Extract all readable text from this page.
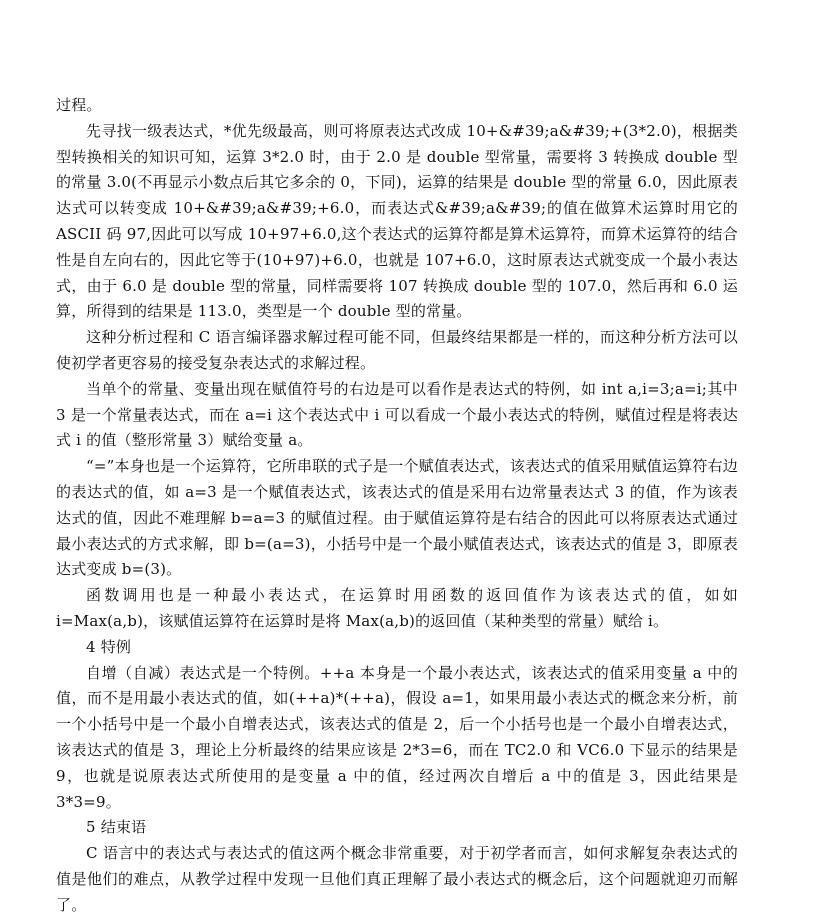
过程。

先寻找一级表达式，*优先级最高，则可将原表达式改成 10+&#39;a&#39;+(3*2.0)，根据类型转换相关的知识可知，运算 3*2.0 时，由于 2.0 是 double 型常量，需要将 3 转换成 double 型的常量 3.0(不再显示小数点后其它多余的 0，下同)，运算的结果是 double 型的常量 6.0，因此原表达式可以转变成 10+&#39;a&#39;+6.0，而表达式&#39;a&#39;的值在做算术运算时用它的 ASCII 码 97,因此可以写成 10+97+6.0,这个表达式的运算符都是算术运算符，而算术运算符的结合性是自左向右的，因此它等于(10+97)+6.0，也就是 107+6.0，这时原表达式就变成一个最小表达式，由于 6.0 是 double 型的常量，同样需要将 107 转换成 double 型的 107.0，然后再和 6.0 运算，所得到的结果是 113.0，类型是一个 double 型的常量。

这种分析过程和 C 语言编译器求解过程可能不同，但最终结果都是一样的，而这种分析方法可以使初学者更容易的接受复杂表达式的求解过程。

当单个的常量、变量出现在赋值符号的右边是可以看作是表达式的特例，如 int a,i=3;a=i;其中 3 是一个常量表达式，而在 a=i 这个表达式中 i 可以看成一个最小表达式的特例，赋值过程是将表达式 i 的值（整形常量 3）赋给变量 a。

“=”本身也是一个运算符，它所串联的式子是一个赋值表达式，该表达式的值采用赋值运算符右边的表达式的值，如 a=3 是一个赋值表达式，该表达式的值是采用右边常量表达式 3 的值，作为该表达式的值，因此不难理解 b=a=3 的赋值过程。由于赋值运算符是右结合的因此可以将原表达式通过最小表达式的方式求解，即 b=(a=3)，小括号中是一个最小赋值表达式，该表达式的值是 3，即原表达式变成 b=(3)。

函数调用也是一种最小表达式，在运算时用函数的返回值作为该表达式的值，如如 i=Max(a,b)，该赋值运算符在运算时是将 Max(a,b)的返回值（某种类型的常量）赋给 i。

4 特例

自增（自减）表达式是一个特例。++a 本身是一个最小表达式，该表达式的值采用变量 a 中的值，而不是用最小表达式的值，如(++a)*(++a)，假设 a=1，如果用最小表达式的概念来分析，前一个小括号中是一个最小自增表达式，该表达式的值是 2，后一个小括号也是一个最小自增表达式，该表达式的值是 3，理论上分析最终的结果应该是 2*3=6，而在 TC2.0 和 VC6.0 下显示的结果是 9，也就是说原表达式所使用的是变量 a 中的值，经过两次自增后 a 中的值是 3，因此结果是 3*3=9。

5 结束语

C 语言中的表达式与表达式的值这两个概念非常重要，对于初学者而言，如何求解复杂表达式的值是他们的难点，从教学过程中发现一旦他们真正理解了最小表达式的概念后，这个问题就迎刃而解了。
